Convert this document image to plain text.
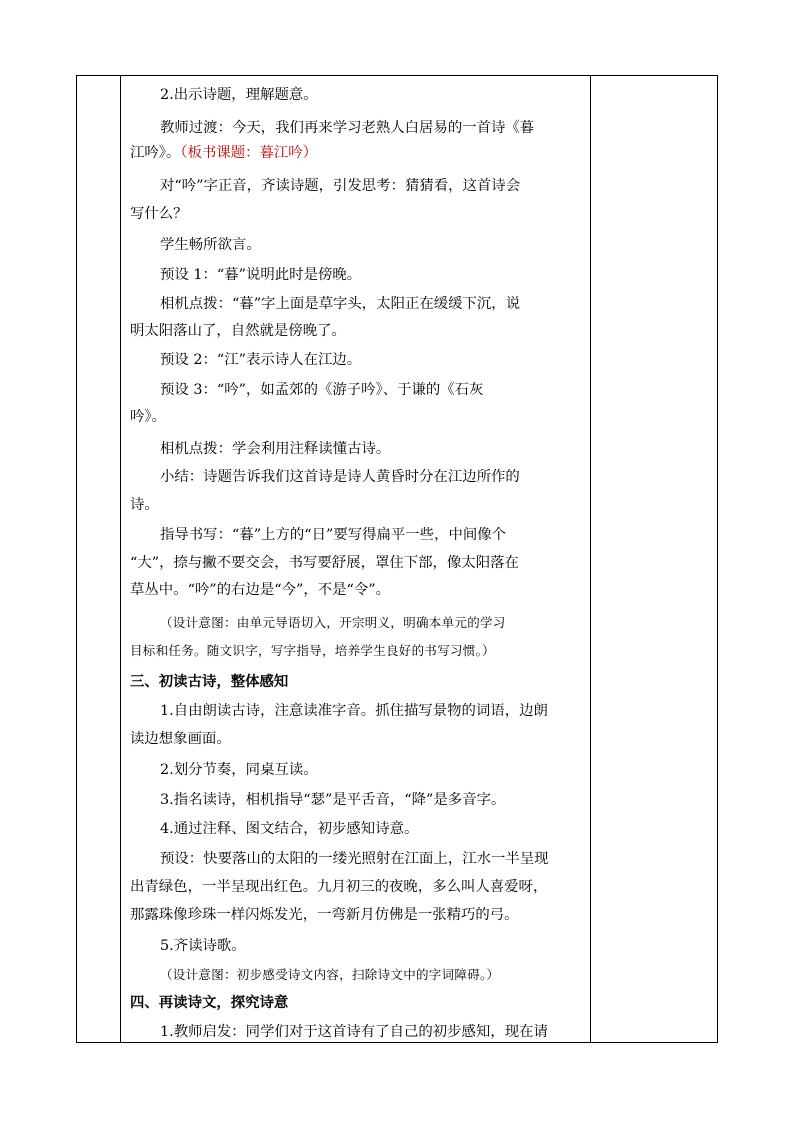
2.出示诗题，理解题意。
教师过渡：今天，我们再来学习老熟人白居易的一首诗《暮
江吟》。（板书课题：暮江吟）
对“吟”字正音，齐读诗题，引发思考：猜猜看，这首诗会
写什么？
学生畅所欲言。
预设 1：“暮”说明此时是傍晚。
相机点拨：“暮”字上面是草字头，太阳正在缓缓下沉，说
明太阳落山了，自然就是傍晚了。
预设 2：“江”表示诗人在江边。
预设 3：“吟”，如孟郊的《游子吟》、于谦的《石灰
吟》。
相机点拨：学会利用注释读懂古诗。
小结：诗题告诉我们这首诗是诗人黄昏时分在江边所作的
诗。
指导书写：“暮”上方的“日”要写得扁平一些，中间像个
“大”，捺与撇不要交会，书写要舒展，罩住下部，像太阳落在
草丛中。“吟”的右边是“今”，不是“令”。
（设计意图：由单元导语切入，开宗明义，明确本单元的学习
目标和任务。随文识字，写字指导，培养学生良好的书写习惯。）
三、初读古诗，整体感知
1.自由朗读古诗，注意读准字音。抓住描写景物的词语，边朗
读边想象画面。
2.划分节奏，同桌互读。
3.指名读诗，相机指导“瑟”是平舌音，“降”是多音字。
4.通过注释、图文结合，初步感知诗意。
预设：快要落山的太阳的一缕光照射在江面上，江水一半呈现
出青绿色，一半呈现出红色。九月初三的夜晚，多么叫人喜爱呀，
那露珠像珍珠一样闪烁发光，一弯新月仿佛是一张精巧的弓。
5.齐读诗歌。
（设计意图：初步感受诗文内容，扫除诗文中的字词障碍。）
四、再读诗文，探究诗意
1.教师启发：同学们对于这首诗有了自己的初步感知，现在请
